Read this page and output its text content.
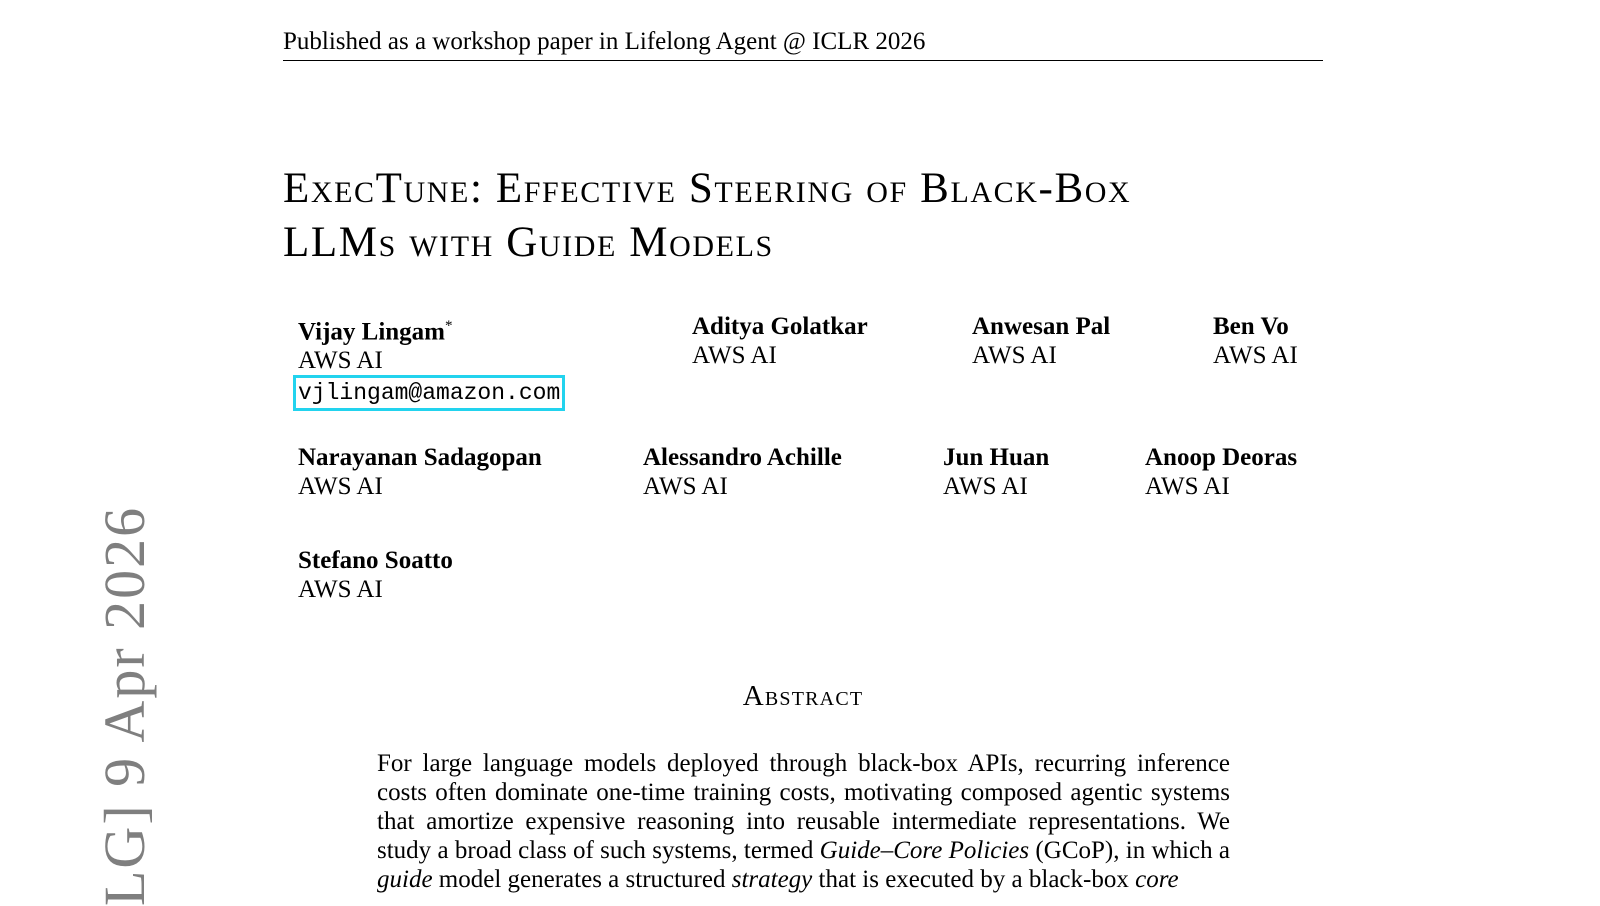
Published as a workshop paper in Lifelong Agent @ ICLR 2026
ExecTune: Effective Steering of Black-Box
LLMs with Guide Models
Vijay Lingam*
AWS AI
vjlingam@amazon.com
Aditya Golatkar
AWS AI
Anwesan Pal
AWS AI
Ben Vo
AWS AI
Narayanan Sadagopan
AWS AI
Alessandro Achille
AWS AI
Jun Huan
AWS AI
Anoop Deoras
AWS AI
Stefano Soatto
AWS AI
Abstract

For large language models deployed through black-box APIs, recurring inference costs often dominate one-time training costs, motivating composed agentic systems that amortize expensive reasoning into reusable intermediate representations. We study a broad class of such systems, termed Guide–Core Policies (GCoP), in which a guide model generates a structured strategy that is executed by a black-box core

LG] 9 Apr 2026
